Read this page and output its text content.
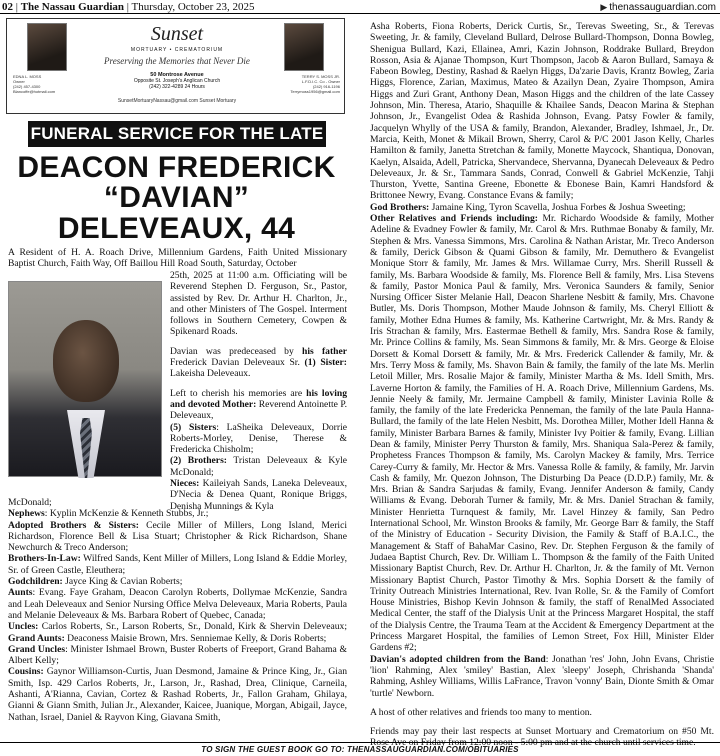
02 | The Nassau Guardian | Thursday, October 23, 2025	▶ thenassauguardian.com
EDNA L. MOSS
Owner
(242) 457-4300
Blancoffe@hotmail.com
Sunset
MORTUARY • CREMATORIUM
Preserving the Memories that Never Die
50 Montrose Avenue
Opposite St. Joseph's Anglican Church
(242) 322-4289 24 Hours
SunsetMortuaryNassau@gmail.com Sunset Mortuary
TERRY S. MOSS JR.
L.F.D.I.C. Co - Owner
(242) 916-1196
Terrymoss1956@gmail.com
FUNERAL SERVICE FOR THE LATE
DEACON FREDERICK
“DAVIAN”
DELEVEAUX, 44

A Resident of H. A. Roach Drive, Millennium Gardens, Faith United Missionary Baptist Church, Faith Way, Off Baillou Hill Road South, Saturday, October

25th, 2025 at 11:00 a.m. Officiating will be Reverend Stephen D. Ferguson, Sr., Pastor, assisted by Rev. Dr. Arthur H. Charlton, Jr., and other Ministers of The Gospel. Interment follows in Southern Cemetery, Cowpen & Spikenard Roads.

Davian was predeceased by his father Frederick Davian Deleveaux Sr. (1) Sister: Lakeisha Deleveaux.

Left to cherish his memories are his loving and devoted Mother: Reverend Antoinette P. Deleveaux,

(5) Sisters: LaSheika Deleveaux, Dorrie Roberts-Morley, Denise, Therese & Fredericka Chisholm;

(2) Brothers: Tristan Deleveaux & Kyle McDonald;

Nieces: Kaileiyah Sands, Laneka Deleveaux, D'Necia & Denea Quant, Ronique Briggs, Denisha Munnings & Kyla

McDonald;

Nephews: Kyplin McKenzie & Kenneth Stubbs, Jr.;

Adopted Brothers & Sisters: Cecile Miller of Millers, Long Island, Merici Richardson, Florence Bell & Lisa Stuart; Christopher & Rick Richardson, Shane Newchurch & Treco Anderson;

Brothers-In-Law: Wilfred Sands, Kent Miller of Millers, Long Island & Eddie Morley, Sr. of Green Castle, Eleuthera;

Godchildren: Jayce King & Cavian Roberts;

Aunts: Evang. Faye Graham, Deacon Carolyn Roberts, Dollymae McKenzie, Sandra and Leah Deleveaux and Senior Nursing Office Melva Deleveaux, Maria Roberts, Paula and Melanie Deleveaux & Ms. Barbara Robert of Quebec, Canada;

Uncles: Carlos Roberts, Sr., Larson Roberts, Sr., Donald, Kirk & Shervin Deleveaux; Grand Aunts: Deaconess Maisie Brown, Mrs. Senniemae Kelly, & Doris Roberts;

Grand Uncles: Minister Ishmael Brown, Buster Roberts of Freeport, Grand Bahama & Albert Kelly;

Cousins: Gaynor Williamson-Curtis, Juan Desmond, Jamaine & Prince King, Jr., Gian Smith, Isp. 429 Carlos Roberts, Jr., Larson, Jr., Rashad, Drea, Clinique, Carneila, Ashanti, A'Rianna, Cavian, Cortez & Rashad Roberts, Jr., Fallon Graham, Ghilaya, Gianni & Giann Smith, Julian Jr., Alexander, Kaicee, Juanique, Morgan, Abigail, Jayce, Nathan, Israel, Daniel & Rayvon King, Giavana Smith,

Asha Roberts, Fiona Roberts, Derick Curtis, Sr., Terevas Sweeting, Sr., & Terevas Sweeting, Jr. & family, Cleveland Bullard, Delrose Bullard-Thompson, Donna Bowleg, Shenigua Bullard, Kazi, Ellainea, Amri, Kazin Johnson, Roddrake Bullard, Breydon Rosson, Asia & Ajanae Thompson, Kurt Thompson, Jacob & Aaron Bullard, Samaya & Fabeon Bowleg, Destiny, Rashad & Raelyn Higgs, Da'zarie Davis, Krantz Bowleg, Zaria Higgs, Florence, Zarian, Maximus, Mateo & Azailyn Dean, Zyaire Thompson, Amira Higgs and Zuri Grant, Anthony Dean, Mason Higgs and the children of the late Cassey Johnson, Min. Theresa, Atario, Shaquille & Khailee Sands, Deacon Marina & Stephan Johnson, Jr., Evangelist Odea & Rashida Johnson, Evang. Patsy Fowler & family, Jacquelyn Whylly of the USA & family, Brandon, Alexander, Bradley, Ishmael, Jr., Dr. Marcia, Keith, Monet & Mikail Brown, Sherry, Carol & P/C 2001 Jason Kelly, Charles Hamilton & family, Janetta Stretchan & family, Monette Maycock, Shantiqua, Donovan, Kaelyn, Alsaida, Adell, Patricka, Shervandece, Shervanna, Dyanecah Deleveaux & Pedro Deleveaux, Jr. & Sr., Tammara Sands, Conrad, Conwell & Gabriel McKenzie, Tahji Thurston, Yvette, Santina Greene, Ebonette & Ebonese Bain, Kamri Handsford & Brittonee Newry, Evang. Constance Evans & family;

God Brothers: Jamaine King, Tyron Scavella, Joshua Forbes & Joshua Sweeting;

Other Relatives and Friends including: Mr. Richardo Woodside & family, Mother Adeline & Evadney Fowler & family, Mr. Carol & Mrs. Ruthmae Bonaby & family, Mr. Stephen & Mrs. Vanessa Simmons, Mrs. Carolina & Nathan Aristar, Mr. Treco Anderson & family, Derick Gibson & Quami Gibson & family, Mr. Demuthero & Evangelist Monique Storr & family, Mr. James & Mrs. Willamae Curry, Mrs. Sherill Russell & family, Ms. Barbara Woodside & family, Ms. Florence Bell & family, Mrs. Lisa Stevens & family, Pastor Monica Paul & family, Mrs. Veronica Saunders & family, Senior Nursing Officer Sister Melanie Hall, Deacon Sharlene Nesbitt & family, Mrs. Chavone Butler, Ms. Doris Thompson, Mother Maude Johnson & family, Ms. Cheryl Elliott & family, Mother Edna Humes & family, Ms. Katherine Cartwright, Mr. & Mrs. Randy & Iris Strachan & family, Mrs. Eastermae Bethell & family, Mrs. Sandra Rose & family, Mr. Prince Collins & family, Ms. Sean Simmons & family, Mr. & Mrs. George & Eloise Dorsett & Komal Dorsett & family, Mr. & Mrs. Frederick Callender & family, Mr. & Mrs. Terry Moss & family, Ms. Shavon Bain & family, the family of the late Ms. Merlin Letoil Miller, Mrs. Rosalie Major & family, Minister Martha & Ms. Idell Smith, Mrs. Laverne Horton & family, the Families of H. A. Roach Drive, Millennium Gardens, Ms. Jennie Neely & family, Mr. Jermaine Campbell & family, Minister Lavinia Rolle & family, the family of the late Fredericka Penneman, the family of the late Paula Hanna-Bullard, the family of the late Helen Nesbitt, Ms. Dorothea Miller, Mother Idell Hanna & family, Minister Barbara Barnes & family, Minister Ivy Poitier & family, Evang. Lillian Dean & family, Minister Perry Thurston & family, Mrs. Shaniqua Sala-Perez & family, Prophetess Frances Thompson & family, Ms. Carolyn Mackey & family, Mrs. Terrice Carey-Curry & family, Mr. Hector & Mrs. Vanessa Rolle & family, & family, Mr. Jarvin Cash & family, Mr. Quezon Johnson, The Disturbing Da Peace (D.D.P.) family, Mr. & Mrs. Brian & Sandra Sarjudas & family, Evang. Jennifer Anderson & family, Candy Williams & Evang. Deborah Turner & family, Mr. & Mrs. Daniel Strachan & family, Minister Henrietta Turnquest & family, Mr. Lavel Hinzey & family, San Pedro International School, Mr. Winston Brooks & family, Mr. George Barr & family, the Staff of the Ministry of Education - Security Division, the Family & Staff of B.A.I.C., the Management & Staff of BahaMar Casino, Rev. Dr. Stephen Ferguson & the family of Judaea Baptist Church, Rev. Dr. William L. Thompson & the family of the Faith United Missionary Baptist Church, Rev. Dr. Arthur H. Charlton, Jr. & the family of Mt. Vernon Missionary Baptist Church, Pastor Timothy & Mrs. Sophia Dorsett & the family of Trinity Outreach Ministries International, Rev. Ivan Rolle, Sr. & the Family of Comfort House Ministries, Bishop Kevin Johnson & family, the staff of RenalMed Associated Medical Center, the staff of the Dialysis Unit at the Princess Margaret Hospital, the staff of the Dialysis Centre, the Trauma Team at the Accident & Emergency Department at the Princess Margaret Hospital, the families of Lemon Street, Fox Hill, Minister Elder Gardens #2;

Davian's adopted children from the Band: Jonathan 'res' John, John Evans, Christie 'lion' Rahming, Alex 'smiley' Bastian, Alex 'sleepy' Joseph, Chrishanda 'Shanda' Rahming, Ashley Williams, Willis LaFrance, Travon 'vonny' Bain, Dionte Smith & Omar 'turtle' Newborn.

A host of other relatives and friends too many to mention.

Friends may pay their last respects at Sunset Mortuary and Crematorium on #50 Mt. Rose Ave on Friday from 12:00 noon - 5:00 pm and at the church until services time.

TO SIGN THE GUEST BOOK GO TO: THENASSAUGUARDIAN.COM/OBITUARIES
